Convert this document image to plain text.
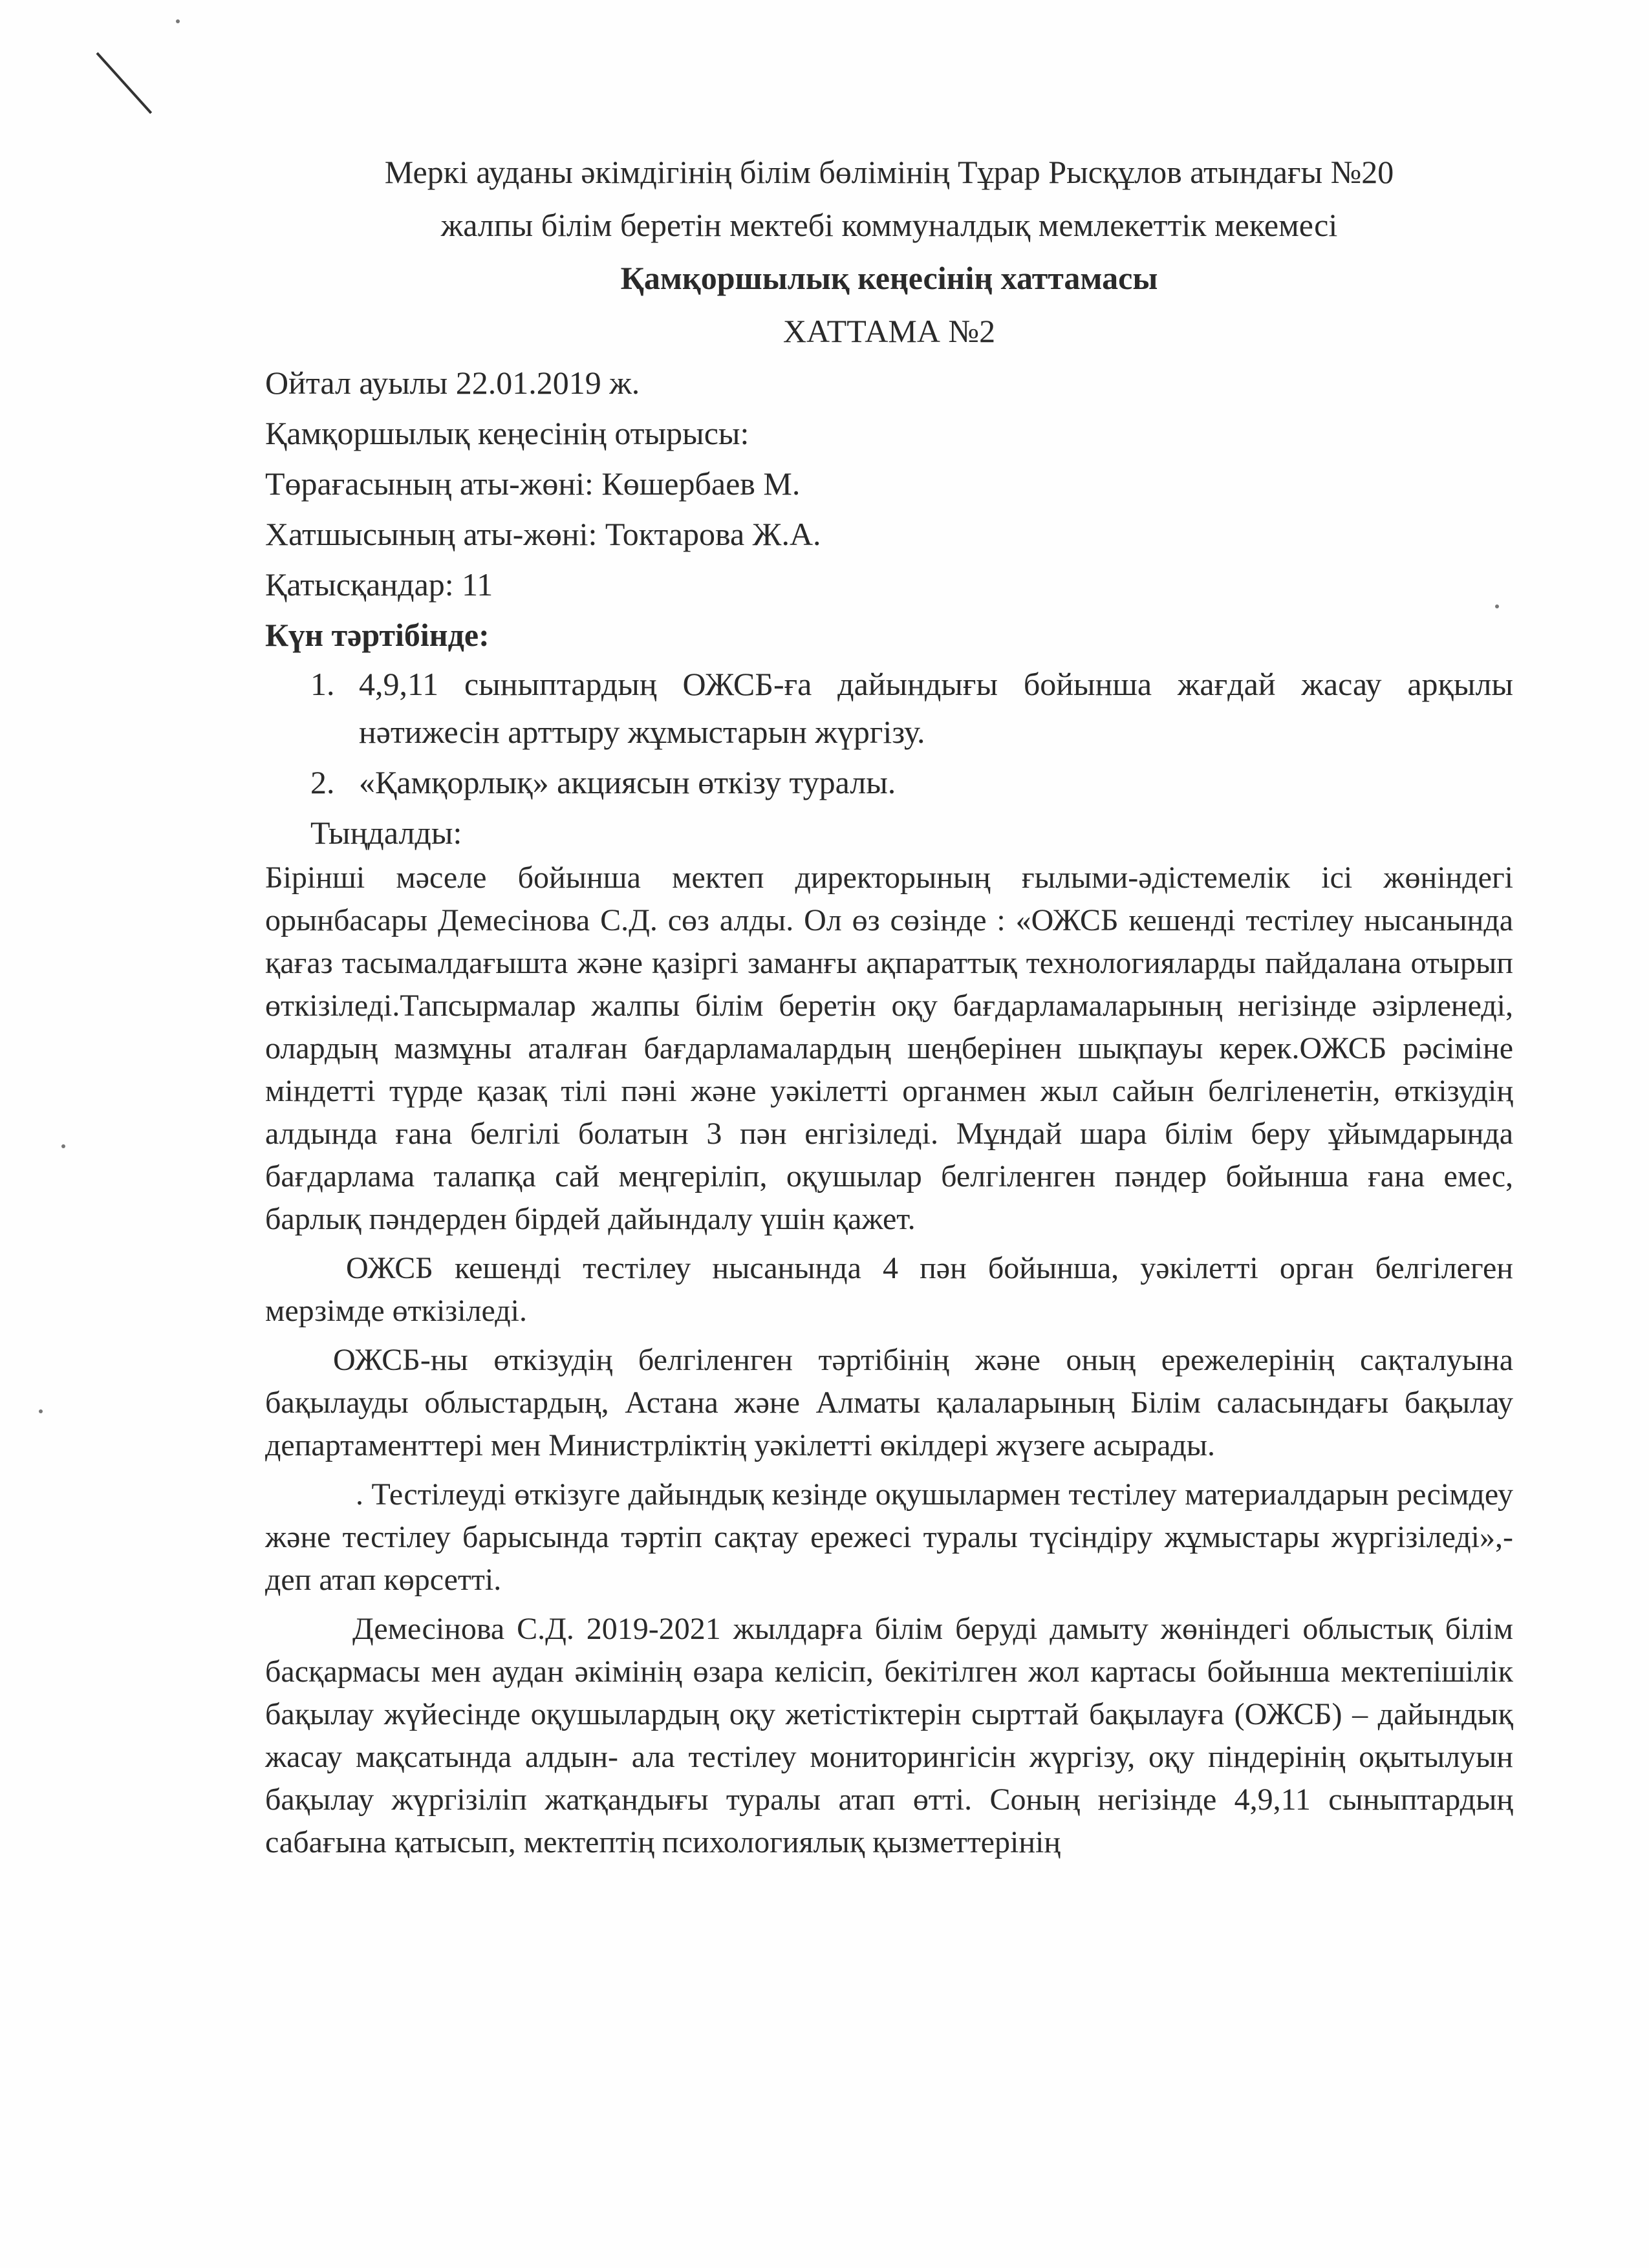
Меркі ауданы әкімдігінің білім бөлімінің Тұрар Рысқұлов атындағы №20

жалпы білім беретін мектебі коммуналдық мемлекеттік мекемесі

Қамқоршылық кеңесінің хаттамасы

ХАТТАМА №2

Ойтал ауылы 22.01.2019 ж.

Қамқоршылық кеңесінің отырысы:

Төрағасының аты-жөні: Көшербаев М.

Хатшысының аты-жөні: Токтарова Ж.А.

Қатысқандар: 11

Күн тәртібінде:

1. 4,9,11 сыныптардың ОЖСБ-ға дайындығы бойынша жағдай жасау арқылы нәтижесін арттыру жұмыстарын жүргізу.
2. «Қамқорлық» акциясын өткізу туралы.

Тыңдалды:

Бірінші мәселе бойынша мектеп директорының ғылыми-әдістемелік ісі жөніндегі орынбасары Демесінова С.Д. сөз алды. Ол өз сөзінде : «ОЖСБ кешенді тестілеу нысанында қағаз тасымалдағышта және қазіргі заманғы ақпараттық технологияларды пайдалана отырып өткізіледі.Тапсырмалар жалпы білім беретін оқу бағдарламаларының негізінде әзірленеді, олардың мазмұны аталған бағдарламалардың шеңберінен шықпауы керек.ОЖСБ рәсіміне міндетті түрде қазақ тілі пәні және уәкілетті органмен жыл сайын белгіленетін, өткізудің алдында ғана белгілі болатын 3 пән енгізіледі. Мұндай шара білім беру ұйымдарында бағдарлама талапқа сай меңгеріліп, оқушылар белгіленген пәндер бойынша ғана емес, барлық пәндерден бірдей дайындалу үшін қажет.

ОЖСБ кешенді тестілеу нысанында 4 пән бойынша, уәкілетті орган белгілеген мерзімде өткізіледі.

ОЖСБ-ны өткізудің белгіленген тәртібінің және оның ережелерінің сақталуына бақылауды облыстардың, Астана және Алматы қалаларының Білім саласындағы бақылау департаменттері мен Министрліктің уәкілетті өкілдері жүзеге асырады.

. Тестілеуді өткізуге дайындық кезінде оқушылармен тестілеу материалдарын ресімдеу және тестілеу барысында тәртіп сақтау ережесі туралы түсіндіру жұмыстары жүргізіледі»,-деп атап көрсетті.

Демесінова С.Д. 2019-2021 жылдарға білім беруді дамыту жөніндегі облыстық білім басқармасы мен аудан әкімінің өзара келісіп, бекітілген жол картасы бойынша мектепішілік бақылау жүйесінде оқушылардың оқу жетістіктерін сырттай бақылауға (ОЖСБ) – дайындық жасау мақсатында алдын- ала тестілеу мониторингісін жүргізу, оқу піндерінің оқытылуын бақылау жүргізіліп жатқандығы туралы атап өтті. Соның негізінде 4,9,11 сыныптардың сабағына қатысып, мектептің психологиялық қызметтерінің
